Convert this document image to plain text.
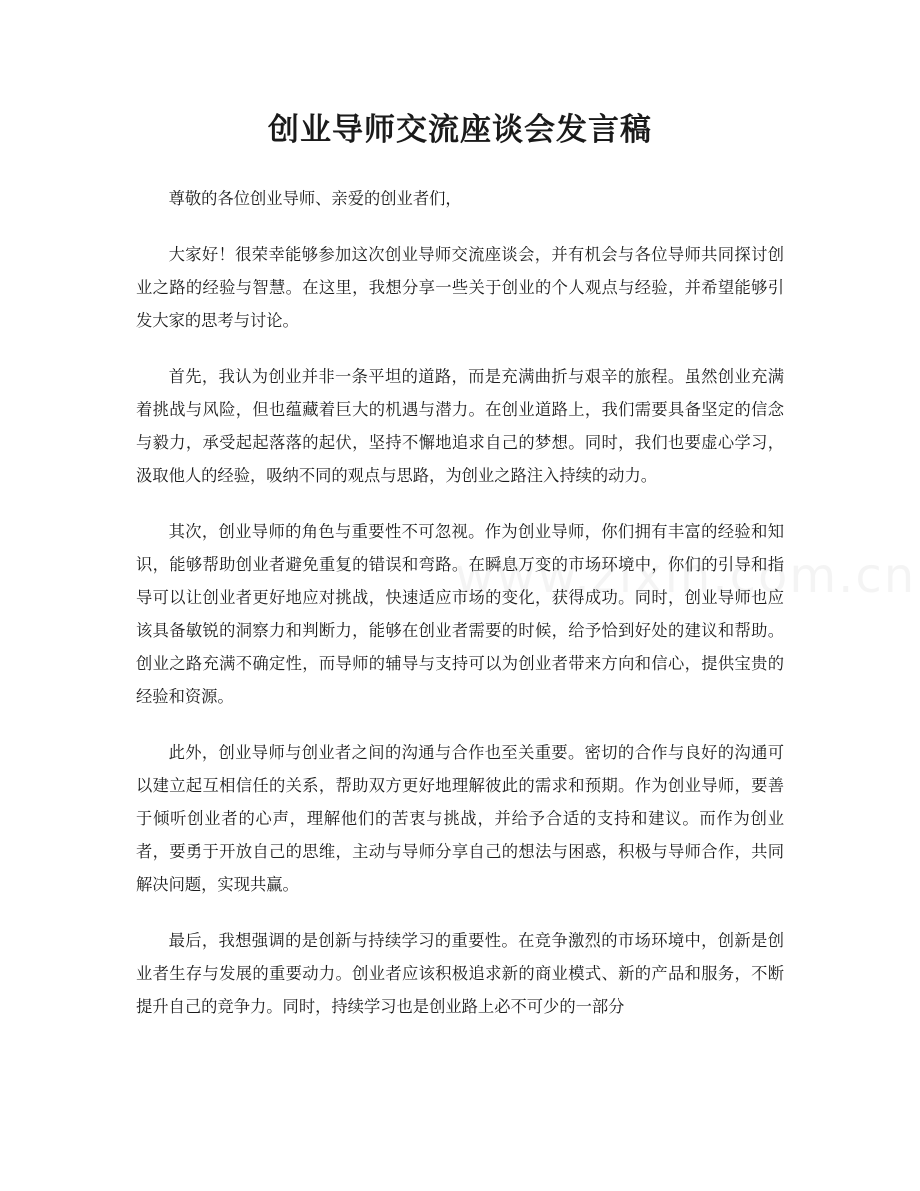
创业导师交流座谈会发言稿

尊敬的各位创业导师、亲爱的创业者们，

大家好！很荣幸能够参加这次创业导师交流座谈会，并有机会与各位导师共同探讨创业之路的经验与智慧。在这里，我想分享一些关于创业的个人观点与经验，并希望能够引发大家的思考与讨论。

首先，我认为创业并非一条平坦的道路，而是充满曲折与艰辛的旅程。虽然创业充满着挑战与风险，但也蕴藏着巨大的机遇与潜力。在创业道路上，我们需要具备坚定的信念与毅力，承受起起落落的起伏，坚持不懈地追求自己的梦想。同时，我们也要虚心学习，汲取他人的经验，吸纳不同的观点与思路，为创业之路注入持续的动力。

其次，创业导师的角色与重要性不可忽视。作为创业导师，你们拥有丰富的经验和知识，能够帮助创业者避免重复的错误和弯路。在瞬息万变的市场环境中，你们的引导和指导可以让创业者更好地应对挑战，快速适应市场的变化，获得成功。同时，创业导师也应该具备敏锐的洞察力和判断力，能够在创业者需要的时候，给予恰到好处的建议和帮助。创业之路充满不确定性，而导师的辅导与支持可以为创业者带来方向和信心，提供宝贵的经验和资源。

此外，创业导师与创业者之间的沟通与合作也至关重要。密切的合作与良好的沟通可以建立起互相信任的关系，帮助双方更好地理解彼此的需求和预期。作为创业导师，要善于倾听创业者的心声，理解他们的苦衷与挑战，并给予合适的支持和建议。而作为创业者，要勇于开放自己的思维，主动与导师分享自己的想法与困惑，积极与导师合作，共同解决问题，实现共赢。

最后，我想强调的是创新与持续学习的重要性。在竞争激烈的市场环境中，创新是创业者生存与发展的重要动力。创业者应该积极追求新的商业模式、新的产品和服务，不断提升自己的竞争力。同时，持续学习也是创业路上必不可少的一部分
